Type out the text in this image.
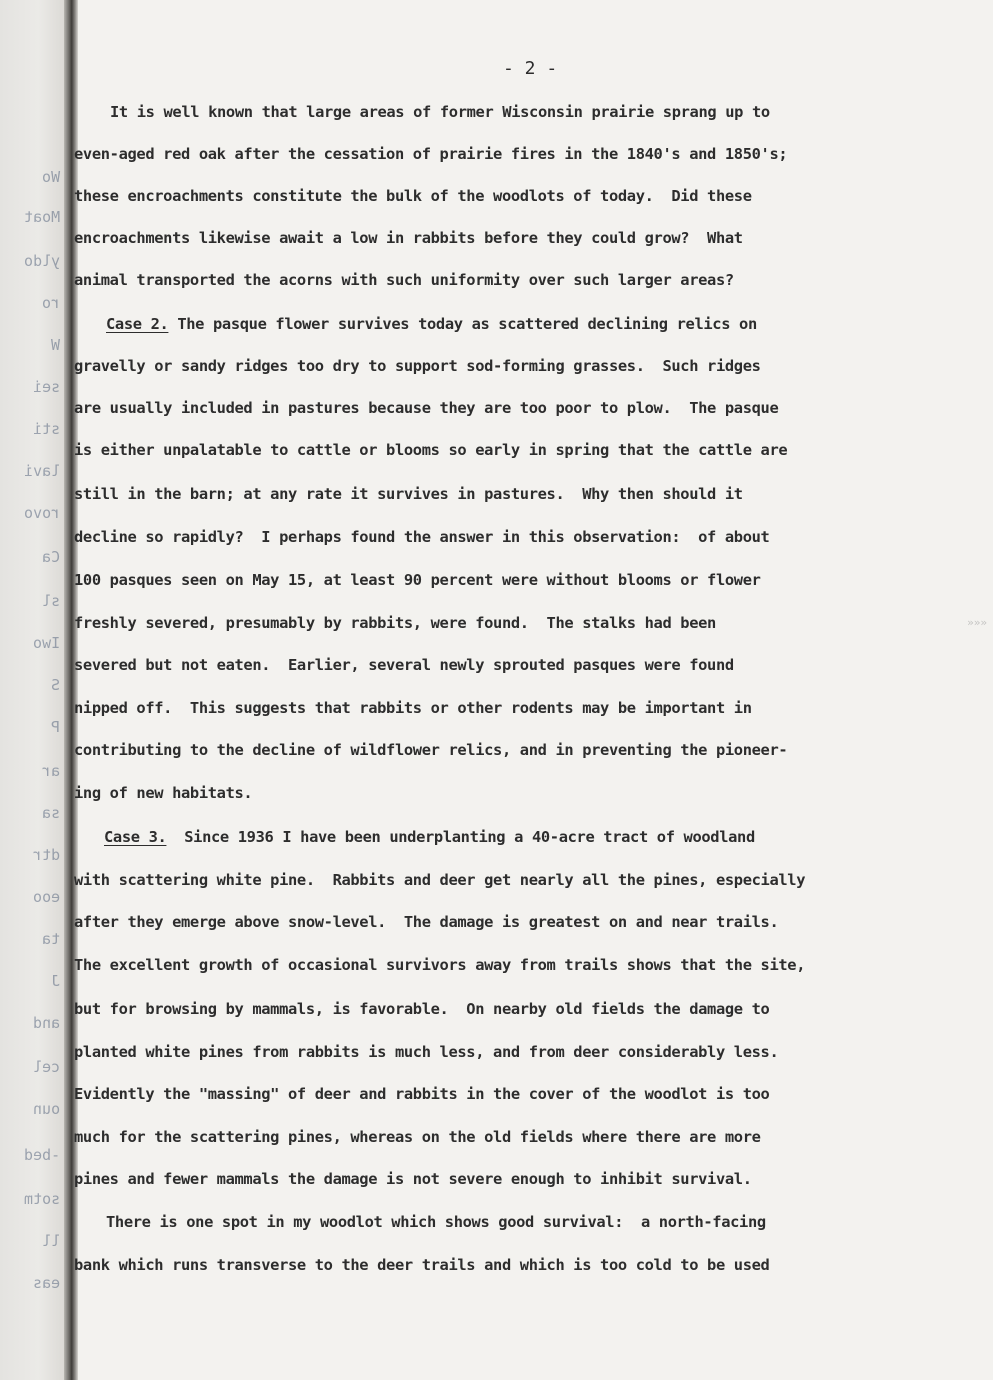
Wo
Moat
yldo
ro
W
sei
sti
lavi
rovo
Ca
sl
Iwo
S
P
ar
sa
dtr
eoo
ta
J
and
cel
oun
-bed
sotm
ll
eas
- 2 -
It is well known that large areas of former Wisconsin prairie sprang up to
even-aged red oak after the cessation of prairie fires in the 1840's and 1850's;
these encroachments constitute the bulk of the woodlots of today.  Did these
encroachments likewise await a low in rabbits before they could grow?  What
animal transported the acorns with such uniformity over such larger areas?
Case 2. The pasque flower survives today as scattered declining relics on
gravelly or sandy ridges too dry to support sod-forming grasses.  Such ridges
are usually included in pastures because they are too poor to plow.  The pasque
is either unpalatable to cattle or blooms so early in spring that the cattle are
still in the barn; at any rate it survives in pastures.  Why then should it
decline so rapidly?  I perhaps found the answer in this observation:  of about
100 pasques seen on May 15, at least 90 percent were without blooms or flower
freshly severed, presumably by rabbits, were found.  The stalks had been
severed but not eaten.  Earlier, several newly sprouted pasques were found
nipped off.  This suggests that rabbits or other rodents may be important in
contributing to the decline of wildflower relics, and in preventing the pioneer-
ing of new habitats.
Case 3.  Since 1936 I have been underplanting a 40-acre tract of woodland
with scattering white pine.  Rabbits and deer get nearly all the pines, especially
after they emerge above snow-level.  The damage is greatest on and near trails.
The excellent growth of occasional survivors away from trails shows that the site,
but for browsing by mammals, is favorable.  On nearby old fields the damage to
planted white pines from rabbits is much less, and from deer considerably less.
Evidently the "massing" of deer and rabbits in the cover of the woodlot is too
much for the scattering pines, whereas on the old fields where there are more
pines and fewer mammals the damage is not severe enough to inhibit survival.
There is one spot in my woodlot which shows good survival:  a north-facing
bank which runs transverse to the deer trails and which is too cold to be used
»»»
